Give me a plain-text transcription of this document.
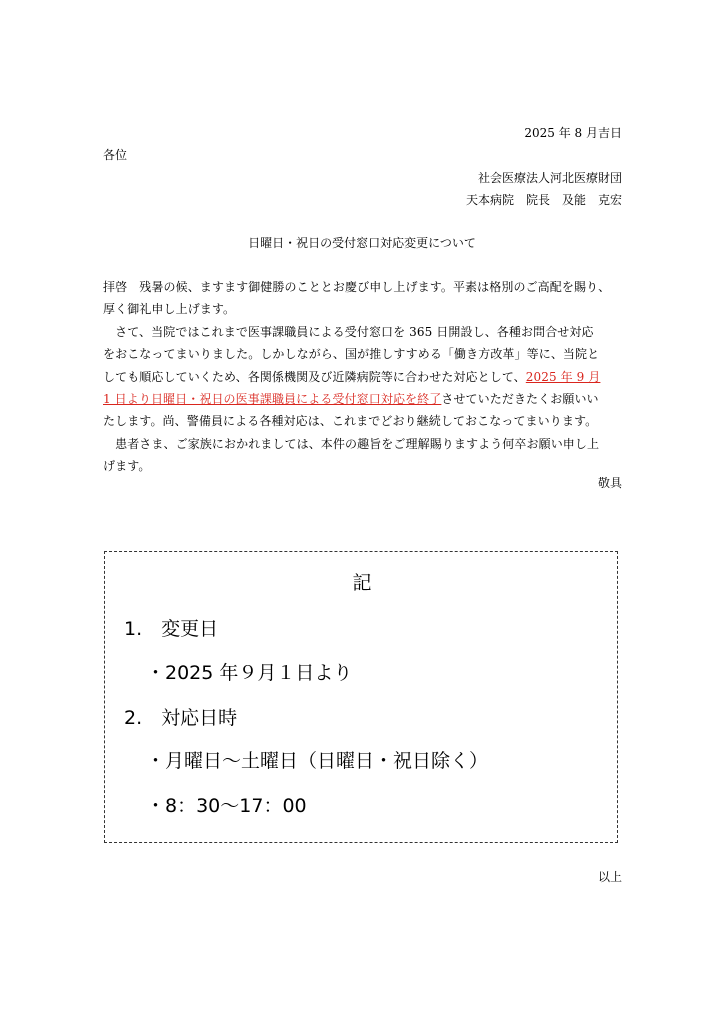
2025 年 8 月吉日
各位
社会医療法人河北医療財団
天本病院　院長　及能　克宏
日曜日・祝日の受付窓口対応変更について
拝啓　残暑の候、ますます御健勝のこととお慶び申し上げます。平素は格別のご高配を賜り、
厚く御礼申し上げます。
　さて、当院ではこれまで医事課職員による受付窓口を 365 日開設し、各種お問合せ対応
をおこなってまいりました。しかしながら、国が推しすすめる「働き方改革」等に、当院と
しても順応していくため、各関係機関及び近隣病院等に合わせた対応として、2025 年 9 月
1 日より日曜日・祝日の医事課職員による受付窓口対応を終了させていただきたくお願いい
たします。尚、警備員による各種対応は、これまでどおり継続しておこなってまいります。
　患者さま、ご家族におかれましては、本件の趣旨をご理解賜りますよう何卒お願い申し上
げます。
敬具
記
1.　変更日
・2025 年９月１日より
2.　対応日時
・月曜日～土曜日（日曜日・祝日除く）
・8：30～17：00
以上
